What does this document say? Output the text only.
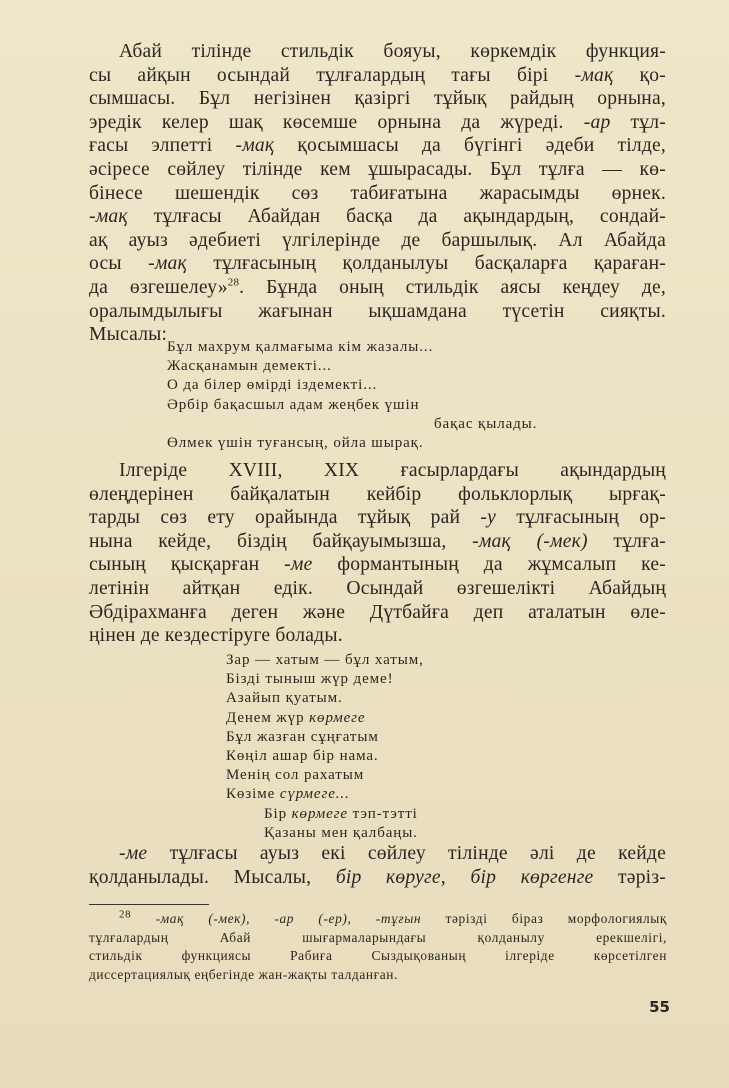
Абай тілінде стильдік бояуы, көркемдік функция-
сы айқын осындай тұлғалардың тағы бірі -мақ қо-
сымшасы. Бұл негізінен қазіргі тұйық райдың орнына,
эредік келер шақ көсемше орнына да жүреді. -ар тұл-
ғасы элпетті -мақ қосымшасы да бүгінгі әдеби тілде,
әсіресе сөйлеу тілінде кем ұшырасады. Бұл тұлға — кө-
бінесе шешендік сөз табиғатына жарасымды өрнек.
-мақ тұлғасы Абайдан басқа да ақындардың, сондай-
ақ ауыз әдебиеті үлгілерінде де баршылық. Ал Абайда
осы -мақ тұлғасының қолданылуы басқаларға қараған-
да өзгешелеу»$^{28}$. Бұнда оның стильдік аясы кеңдеу де,
оралымдылығы жағынан ықшамдана түсетін сияқты.
Мысалы:
Бұл махрум қалмағыма кім жазалы...
Жасқанамын демекті...
О да білер өмірді іздемекті...
Әрбір бақасшыл адам жеңбек үшін
бақас қылады.
Өлмек үшін туғансың, ойла шырақ.
Ілгеріде XVIII, XIX ғасырлардағы ақындардың
өлеңдерінен байқалатын кейбір фольклорлық ырғақ-
тарды сөз ету орайында тұйық рай -у тұлғасының ор-
нына кейде, біздің байқауымызша, -мақ (-мек) тұлға-
сының қысқарған -ме формантының да жұмсалып ке-
летінін айтқан едік. Осындай өзгешелікті Абайдың
Әбдірахманға деген және Дүтбайға деп аталатын өле-
ңінен де кездестіруге болады.
Зар — хатым — бұл хатым,
Бізді тыныш жүр деме!
Азайып қуатым.
Денем жүр көрмеге
Бұл жазған сұңғатым
Көңіл ашар бір нама.
Менің сол рахатым
Көзіме сүрмеге...
Бір көрмеге тэп-тэтті
Қазаны мен қалбаңы.
-ме тұлғасы ауыз екі сөйлеу тілінде әлі де кейде
қолданылады. Мысалы, бір көруге, бір көргенге тәріз-
$^{28}$ -мақ (-мек), -ар (-ер), -тұғын тәрізді біраз морфологиялық
тұлғалардың Абай шығармаларындағы қолданылу ерекшелігі,
стильдік функциясы Рабиға Сыздықованың ілгеріде көрсетілген
диссертациялық еңбегінде жан-жақты талданған.
55
